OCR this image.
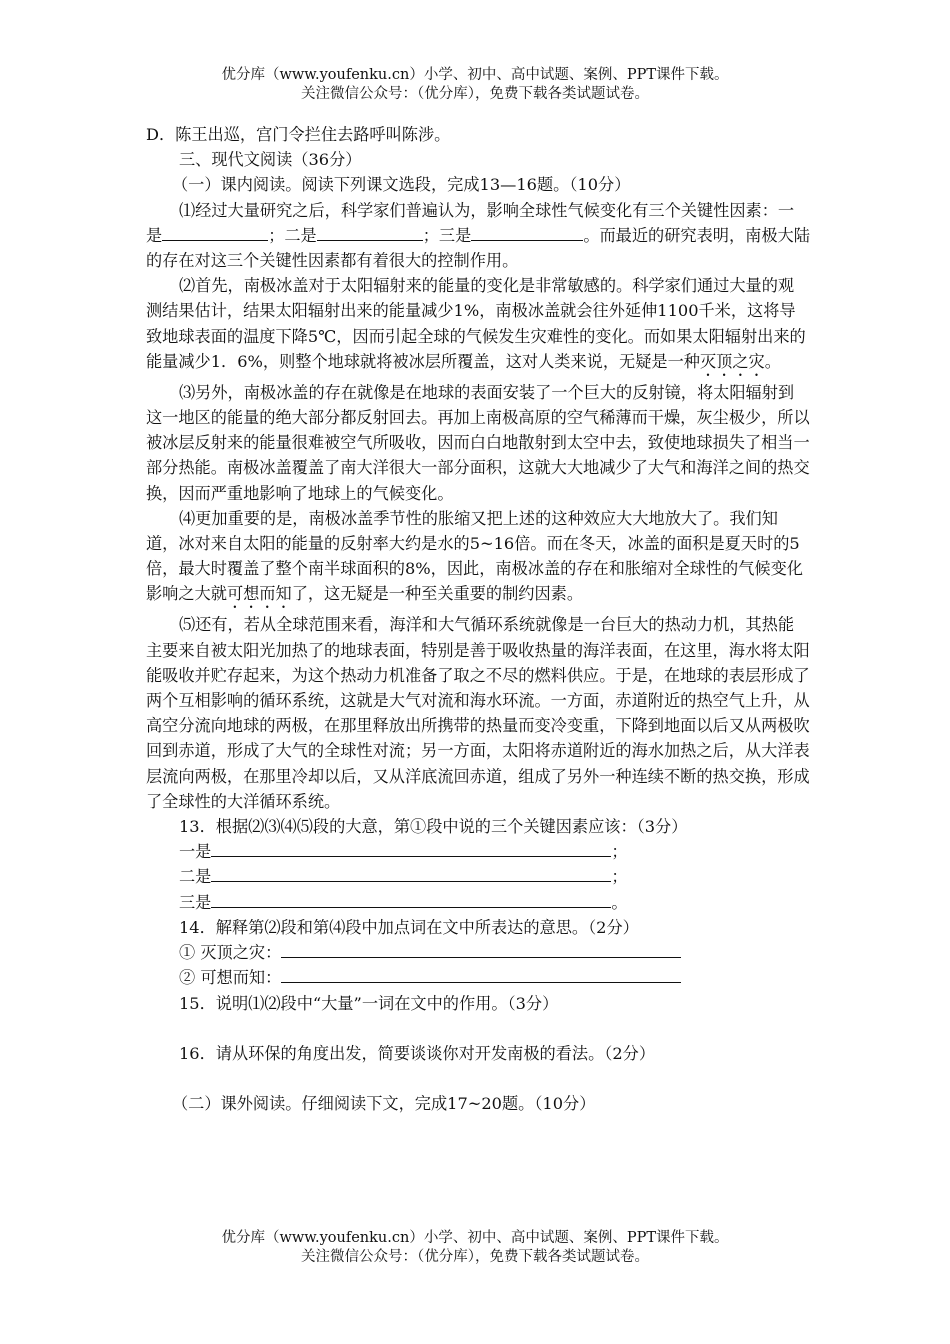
优分库（www.youfenku.cn）小学、初中、高中试题、案例、PPT课件下载。
关注微信公众号：（优分库），免费下载各类试题试卷。

D．陈王出巡，宫门令拦住去路呼叫陈涉。

三、现代文阅读（36分）

（一）课内阅读。阅读下列课文选段，完成13—16题。（10分）

⑴经过大量研究之后，科学家们普遍认为，影响全球性气候变化有三个关键性因素：一是	；二是	；三是	。而最近的研究表明，南极大陆的存在对这三个关键性因素都有着很大的控制作用。

⑵首先，南极冰盖对于太阳辐射来的能量的变化是非常敏感的。科学家们通过大量的观测结果估计，结果太阳辐射出来的能量减少1%，南极冰盖就会往外延伸1100千米，这将导致地球表面的温度下降5℃，因而引起全球的气候发生灾难性的变化。而如果太阳辐射出来的能量减少1．6%，则整个地球就将被冰层所覆盖，这对人类来说，无疑是一种灭顶之灾。

⑶另外，南极冰盖的存在就像是在地球的表面安装了一个巨大的反射镜，将太阳辐射到这一地区的能量的绝大部分都反射回去。再加上南极高原的空气稀薄而干燥，灰尘极少，所以被冰层反射来的能量很难被空气所吸收，因而白白地散射到太空中去，致使地球损失了相当一部分热能。南极冰盖覆盖了南大洋很大一部分面积，这就大大地减少了大气和海洋之间的热交换，因而严重地影响了地球上的气候变化。

⑷更加重要的是，南极冰盖季节性的胀缩又把上述的这种效应大大地放大了。我们知道，冰对来自太阳的能量的反射率大约是水的5~16倍。而在冬天，冰盖的面积是夏天时的5倍，最大时覆盖了整个南半球面积的8%，因此，南极冰盖的存在和胀缩对全球性的气候变化影响之大就可想而知了，这无疑是一种至关重要的制约因素。

⑸还有，若从全球范围来看，海洋和大气循环系统就像是一台巨大的热动力机，其热能主要来自被太阳光加热了的地球表面，特别是善于吸收热量的海洋表面，在这里，海水将太阳能吸收并贮存起来，为这个热动力机准备了取之不尽的燃料供应。于是，在地球的表层形成了两个互相影响的循环系统，这就是大气对流和海水环流。一方面，赤道附近的热空气上升，从高空分流向地球的两极，在那里释放出所携带的热量而变冷变重，下降到地面以后又从两极吹回到赤道，形成了大气的全球性对流；另一方面，太阳将赤道附近的海水加热之后，从大洋表层流向两极，在那里冷却以后，又从洋底流回赤道，组成了另外一种连续不断的热交换，形成了全球性的大洋循环系统。

13．根据⑵⑶⑷⑸段的大意，第①段中说的三个关键因素应该：（3分）

一是	；

二是	；

三是	。

14．解释第⑵段和第⑷段中加点词在文中所表达的意思。（2分）

① 灭顶之灾：

② 可想而知：

15．说明⑴⑵段中“大量”一词在文中的作用。（3分）

16．请从环保的角度出发，简要谈谈你对开发南极的看法。（2分）

（二）课外阅读。仔细阅读下文，完成17~20题。（10分）

优分库（www.youfenku.cn）小学、初中、高中试题、案例、PPT课件下载。
关注微信公众号：（优分库），免费下载各类试题试卷。
